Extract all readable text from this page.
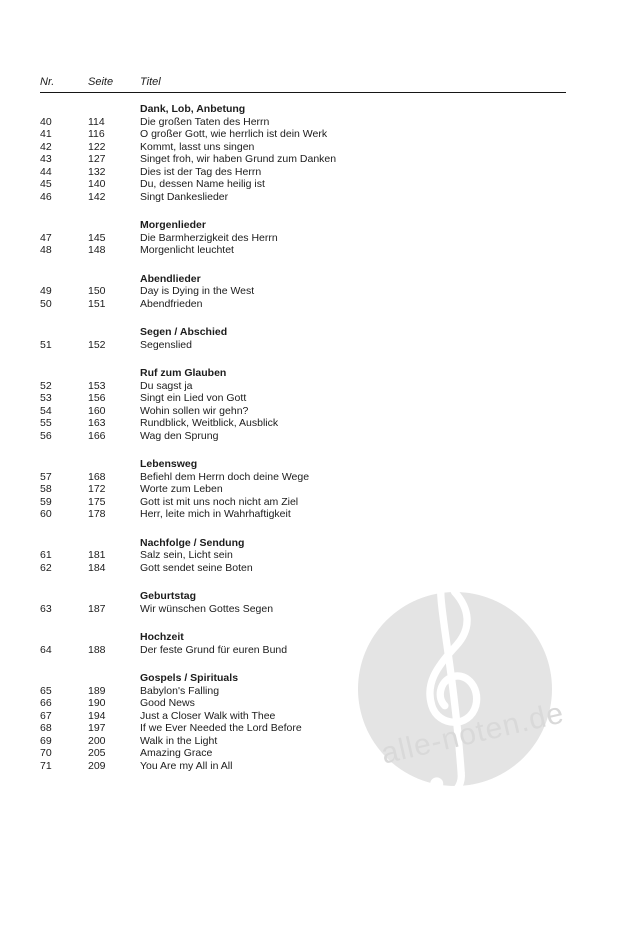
alle-noten.de
Nr.	Seite	Titel
Dank, Lob, Anbetung
40	114	Die großen Taten des Herrn
41	116	O großer Gott, wie herrlich ist dein Werk
42	122	Kommt, lasst uns singen
43	127	Singet froh, wir haben Grund zum Danken
44	132	Dies ist der Tag des Herrn
45	140	Du, dessen Name heilig ist
46	142	Singt Dankeslieder
Morgenlieder
47	145	Die Barmherzigkeit des Herrn
48	148	Morgenlicht leuchtet
Abendlieder
49	150	Day is Dying in the West
50	151	Abendfrieden
Segen / Abschied
51	152	Segenslied
Ruf zum Glauben
52	153	Du sagst ja
53	156	Singt ein Lied von Gott
54	160	Wohin sollen wir gehn?
55	163	Rundblick, Weitblick, Ausblick
56	166	Wag den Sprung
Lebensweg
57	168	Befiehl dem Herrn doch deine Wege
58	172	Worte zum Leben
59	175	Gott ist mit uns noch nicht am Ziel
60	178	Herr, leite mich in Wahrhaftigkeit
Nachfolge / Sendung
61	181	Salz sein, Licht sein
62	184	Gott sendet seine Boten
Geburtstag
63	187	Wir wünschen Gottes Segen
Hochzeit
64	188	Der feste Grund für euren Bund
Gospels / Spirituals
65	189	Babylon's Falling
66	190	Good News
67	194	Just a Closer Walk with Thee
68	197	If we Ever Needed the Lord Before
69	200	Walk in the Light
70	205	Amazing Grace
71	209	You Are my All in All
